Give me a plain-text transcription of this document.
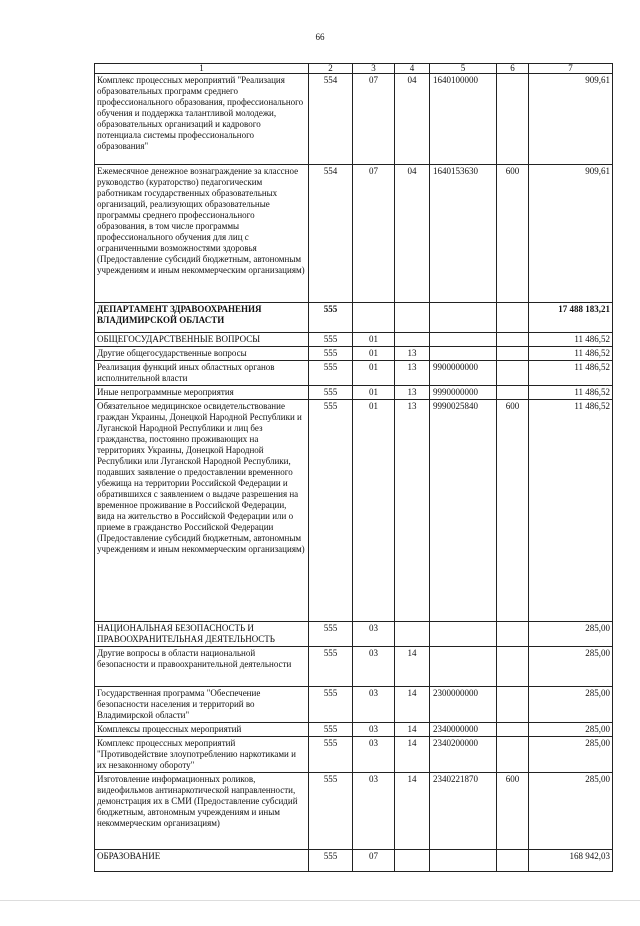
66
1	2	3	4	5	6	7
Комплекс процессных мероприятий "Реализация образовательных программ среднего профессионального образования, профессионального обучения и поддержка талантливой молодежи, образовательных организаций и кадрового потенциала системы профессионального образования"	554	07	04	1640100000		909,61
Ежемесячное денежное вознаграждение за классное руководство (кураторство) педагогическим работникам государственных образовательных организаций, реализующих образовательные программы среднего профессионального образования, в том числе программы профессионального обучения для лиц с ограниченными возможностями здоровья (Предоставление субсидий бюджетным, автономным учреждениям и иным некоммерческим организациям)	554	07	04	1640153630	600	909,61
ДЕПАРТАМЕНТ ЗДРАВООХРАНЕНИЯ ВЛАДИМИРСКОЙ ОБЛАСТИ	555					17 488 183,21
ОБЩЕГОСУДАРСТВЕННЫЕ ВОПРОСЫ	555	01				11 486,52
Другие общегосударственные вопросы	555	01	13			11 486,52
Реализация функций иных областных органов исполнительной власти	555	01	13	9900000000		11 486,52
Иные непрограммные мероприятия	555	01	13	9990000000		11 486,52
Обязательное медицинское освидетельствование граждан Украины, Донецкой Народной Республики и Луганской Народной Республики и лиц без гражданства, постоянно проживающих на территориях Украины, Донецкой Народной Республики или Луганской Народной Республики, подавших заявление о предоставлении временного убежища на территории Российской Федерации и обратившихся с заявлением о выдаче разрешения на временное проживание в Российской Федерации, вида на жительство в Российской Федерации или о приеме в гражданство Российской Федерации (Предоставление субсидий бюджетным, автономным учреждениям и иным некоммерческим организациям)	555	01	13	9990025840	600	11 486,52
НАЦИОНАЛЬНАЯ БЕЗОПАСНОСТЬ И ПРАВООХРАНИТЕЛЬНАЯ ДЕЯТЕЛЬНОСТЬ	555	03				285,00
Другие вопросы в области национальной безопасности и правоохранительной деятельности	555	03	14			285,00
Государственная программа "Обеспечение безопасности населения и территорий во Владимирской области"	555	03	14	2300000000		285,00
Комплексы процессных мероприятий	555	03	14	2340000000		285,00
Комплекс процессных мероприятий "Противодействие злоупотреблению наркотиками и их незаконному обороту"	555	03	14	2340200000		285,00
Изготовление информационных роликов, видеофильмов антинаркотической направленности, демонстрация их в СМИ (Предоставление субсидий бюджетным, автономным учреждениям и иным некоммерческим организациям)	555	03	14	2340221870	600	285,00
ОБРАЗОВАНИЕ	555	07				168 942,03
